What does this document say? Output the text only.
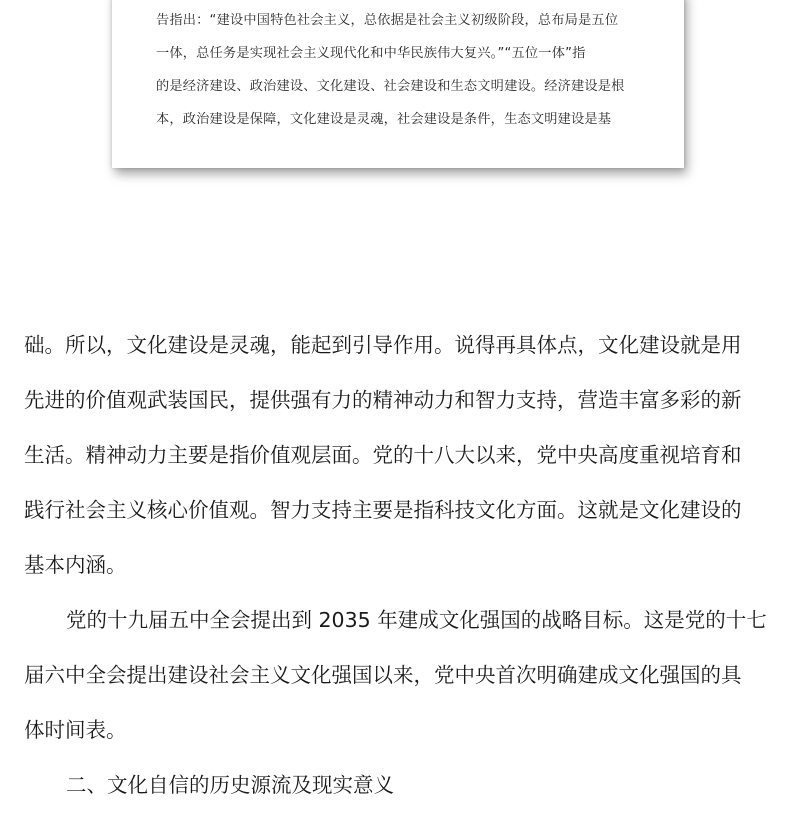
告指出：“建设中国特色社会主义，总依据是社会主义初级阶段，总布局是五位

一体，总任务是实现社会主义现代化和中华民族伟大复兴。”“五位一体”指

的是经济建设、政治建设、文化建设、社会建设和生态文明建设。经济建设是根

本，政治建设是保障，文化建设是灵魂，社会建设是条件，生态文明建设是基

础。所以，文化建设是灵魂，能起到引导作用。说得再具体点，文化建设就是用

先进的价值观武装国民，提供强有力的精神动力和智力支持，营造丰富多彩的新

生活。精神动力主要是指价值观层面。党的十八大以来，党中央高度重视培育和

践行社会主义核心价值观。智力支持主要是指科技文化方面。这就是文化建设的

基本内涵。

党的十九届五中全会提出到 2035 年建成文化强国的战略目标。这是党的十七

届六中全会提出建设社会主义文化强国以来，党中央首次明确建成文化强国的具

体时间表。

二、文化自信的历史源流及现实意义
